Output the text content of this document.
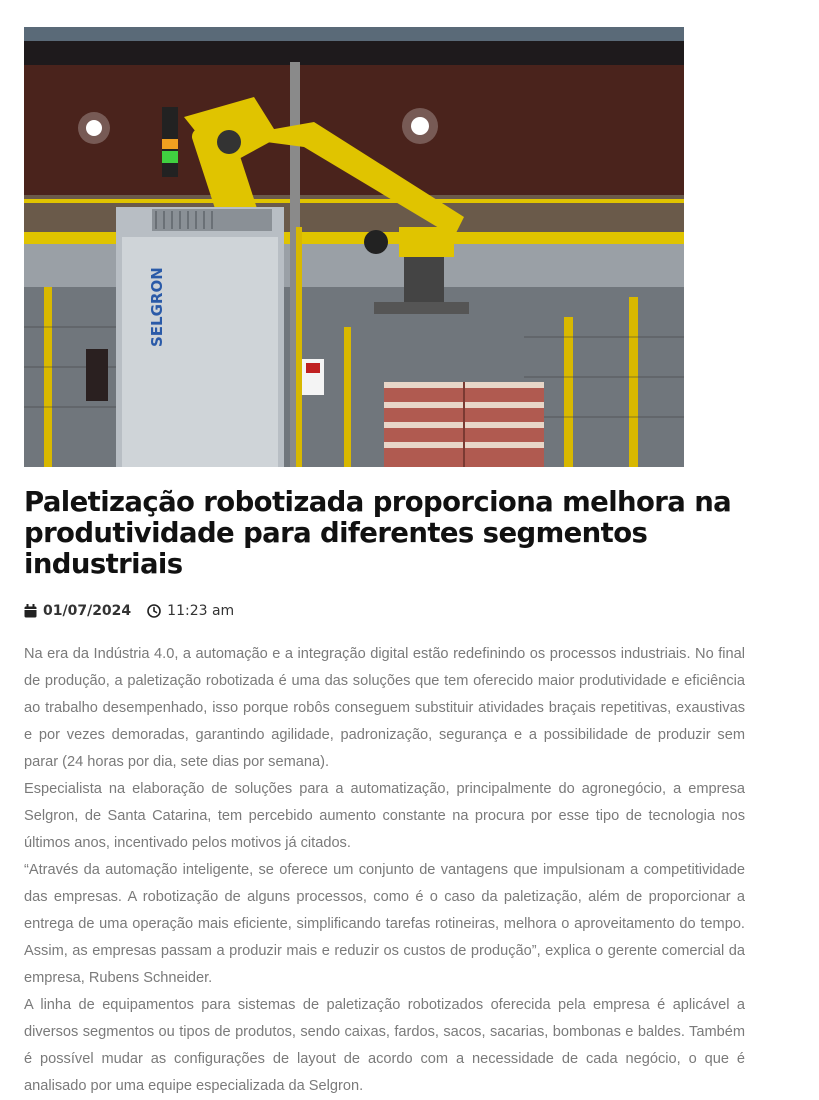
SELGRON
Paletização robotizada proporciona melhora na produtividade para diferentes segmentos industriais
01/07/2024	11:23 am

Na era da Indústria 4.0, a automação e a integração digital estão redefinindo os processos industriais. No final de produção, a paletização robotizada é uma das soluções que tem oferecido maior produtividade e eficiência ao trabalho desempenhado, isso porque robôs conseguem substituir atividades braçais repetitivas, exaustivas e por vezes demoradas, garantindo agilidade, padronização, segurança e a possibilidade de produzir sem parar (24 horas por dia, sete dias por semana).

Especialista na elaboração de soluções para a automatização, principalmente do agronegócio, a empresa Selgron, de Santa Catarina, tem percebido aumento constante na procura por esse tipo de tecnologia nos últimos anos, incentivado pelos motivos já citados.

“Através da automação inteligente, se oferece um conjunto de vantagens que impulsionam a competitividade das empresas. A robotização de alguns processos, como é o caso da paletização, além de proporcionar a entrega de uma operação mais eficiente, simplificando tarefas rotineiras, melhora o aproveitamento do tempo. Assim, as empresas passam a produzir mais e reduzir os custos de produção”, explica o gerente comercial da empresa, Rubens Schneider.

A linha de equipamentos para sistemas de paletização robotizados oferecida pela empresa é aplicável a diversos segmentos ou tipos de produtos, sendo caixas, fardos, sacos, sacarias, bombonas e baldes. Também é possível mudar as configurações de layout de acordo com a necessidade de cada negócio, o que é analisado por uma equipe especializada da Selgron.
